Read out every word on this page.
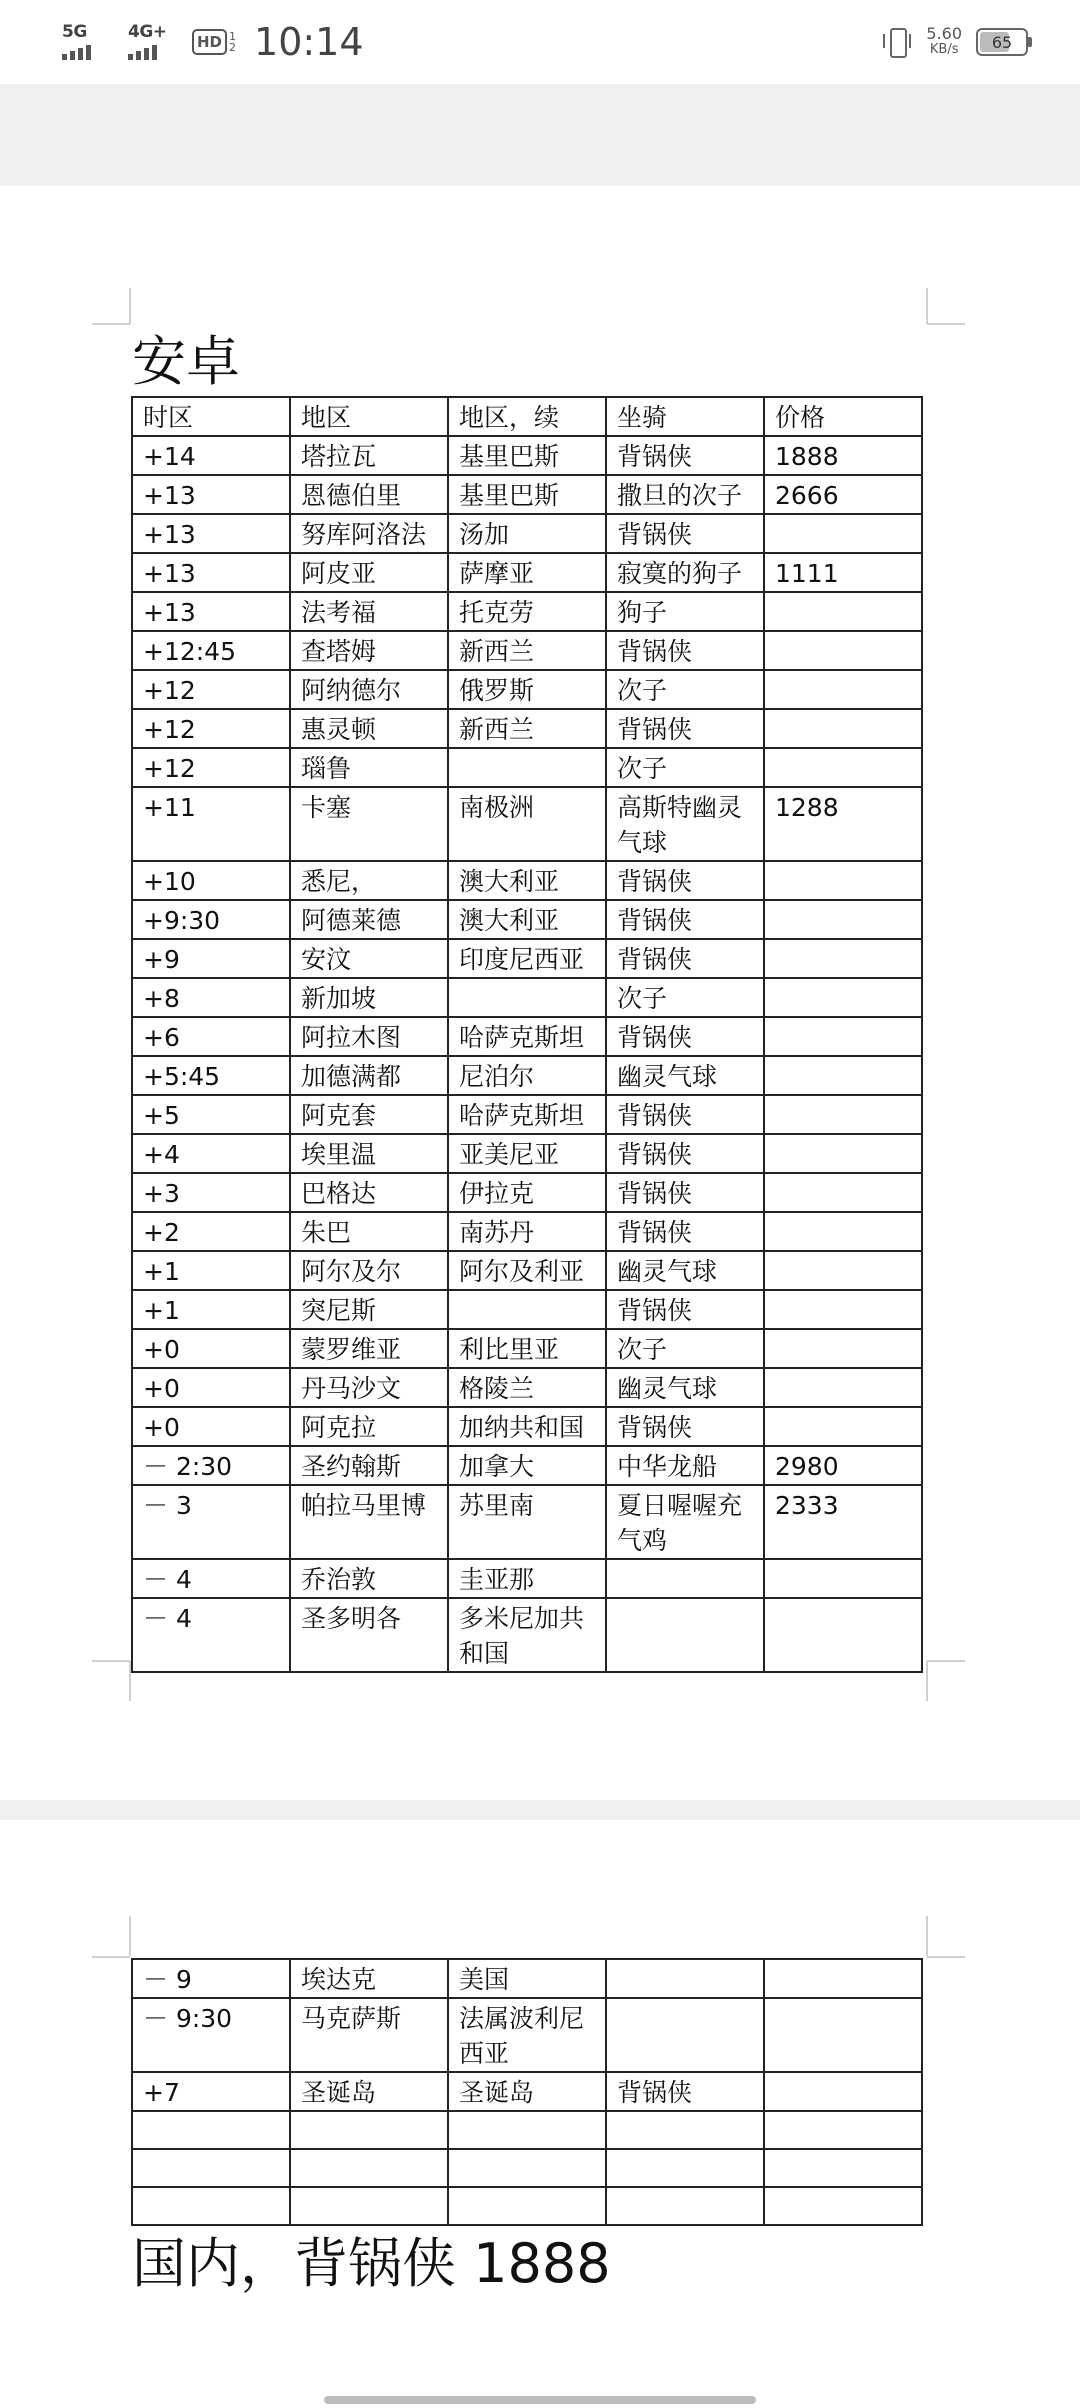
5G 4G+	HD 1
2 10:14	5.60
KB/s 65
安卓
时区	地区	地区，续	坐骑	价格
+14	塔拉瓦	基里巴斯	背锅侠	1888
+13	恩德伯里	基里巴斯	撒旦的次子	2666
+13	努库阿洛法	汤加	背锅侠	
+13	阿皮亚	萨摩亚	寂寞的狗子	1111
+13	法考福	托克劳	狗子	
+12:45	查塔姆	新西兰	背锅侠	
+12	阿纳德尔	俄罗斯	次子	
+12	惠灵顿	新西兰	背锅侠	
+12	瑙鲁		次子	
+11	卡塞	南极洲	高斯特幽灵气球	1288
+10	悉尼，	澳大利亚	背锅侠	
+9:30	阿德莱德	澳大利亚	背锅侠	
+9	安汶	印度尼西亚	背锅侠	
+8	新加坡		次子	
+6	阿拉木图	哈萨克斯坦	背锅侠	
+5:45	加德满都	尼泊尔	幽灵气球	
+5	阿克套	哈萨克斯坦	背锅侠	
+4	埃里温	亚美尼亚	背锅侠	
+3	巴格达	伊拉克	背锅侠	
+2	朱巴	南苏丹	背锅侠	
+1	阿尔及尔	阿尔及利亚	幽灵气球	
+1	突尼斯		背锅侠	
+0	蒙罗维亚	利比里亚	次子	
+0	丹马沙文	格陵兰	幽灵气球	
+0	阿克拉	加纳共和国	背锅侠	
－ 2:30	圣约翰斯	加拿大	中华龙船	2980
－ 3	帕拉马里博	苏里南	夏日喔喔充气鸡	2333
－ 4	乔治敦	圭亚那		
－ 4	圣多明各	多米尼加共和国		
－ 9	埃达克	美国		
－ 9:30	马克萨斯	法属波利尼西亚		
+7	圣诞岛	圣诞岛	背锅侠	

国内，背锅侠 1888
